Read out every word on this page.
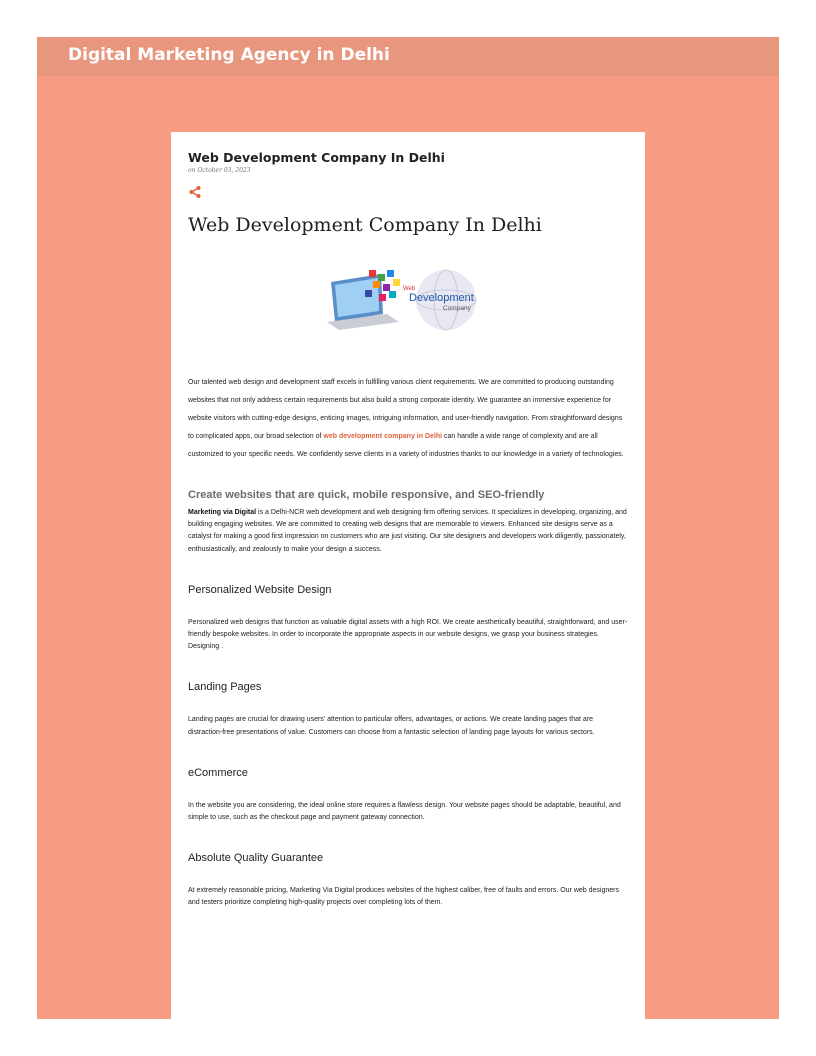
Digital Marketing Agency in Delhi
Web Development Company In Delhi
on October 03, 2023
Web Development Company In Delhi
Web
Development
Company

Our talented web design and development staff excels in fulfilling various client requirements. We are committed to producing outstanding websites that not only address certain requirements but also build a strong corporate identity. We guarantee an immersive experience for website visitors with cutting-edge designs, enticing images, intriguing information, and user-friendly navigation. From straightforward designs to complicated apps, our broad selection of web development company in Delhi can handle a wide range of complexity and are all customized to your specific needs. We confidently serve clients in a variety of industries thanks to our knowledge in a variety of technologies.

Create websites that are quick, mobile responsive, and SEO-friendly

Marketing via Digital is a Delhi-NCR web development and web designing firm offering services. It specializes in developing, organizing, and building engaging websites. We are committed to creating web designs that are memorable to viewers. Enhanced site designs serve as a catalyst for making a good first impression on customers who are just visiting. Our site designers and developers work diligently, passionately, enthusiastically, and zealously to make your design a success.

Personalized Website Design

Personalized web designs that function as valuable digital assets with a high ROI. We create aesthetically beautiful, straightforward, and user-friendly bespoke websites. In order to incorporate the appropriate aspects in our website designs, we grasp your business strategies.
Designing .

Landing Pages

Landing pages are crucial for drawing users' attention to particular offers, advantages, or actions. We create landing pages that are distraction-free presentations of value. Customers can choose from a fantastic selection of landing page layouts for various sectors.

eCommerce

In the website you are considering, the ideal online store requires a flawless design. Your website pages should be adaptable, beautiful, and simple to use, such as the checkout page and payment gateway connection.

Absolute Quality Guarantee

At extremely reasonable pricing, Marketing Via Digital produces websites of the highest caliber, free of faults and errors. Our web designers and testers prioritize completing high-quality projects over completing lots of them.
